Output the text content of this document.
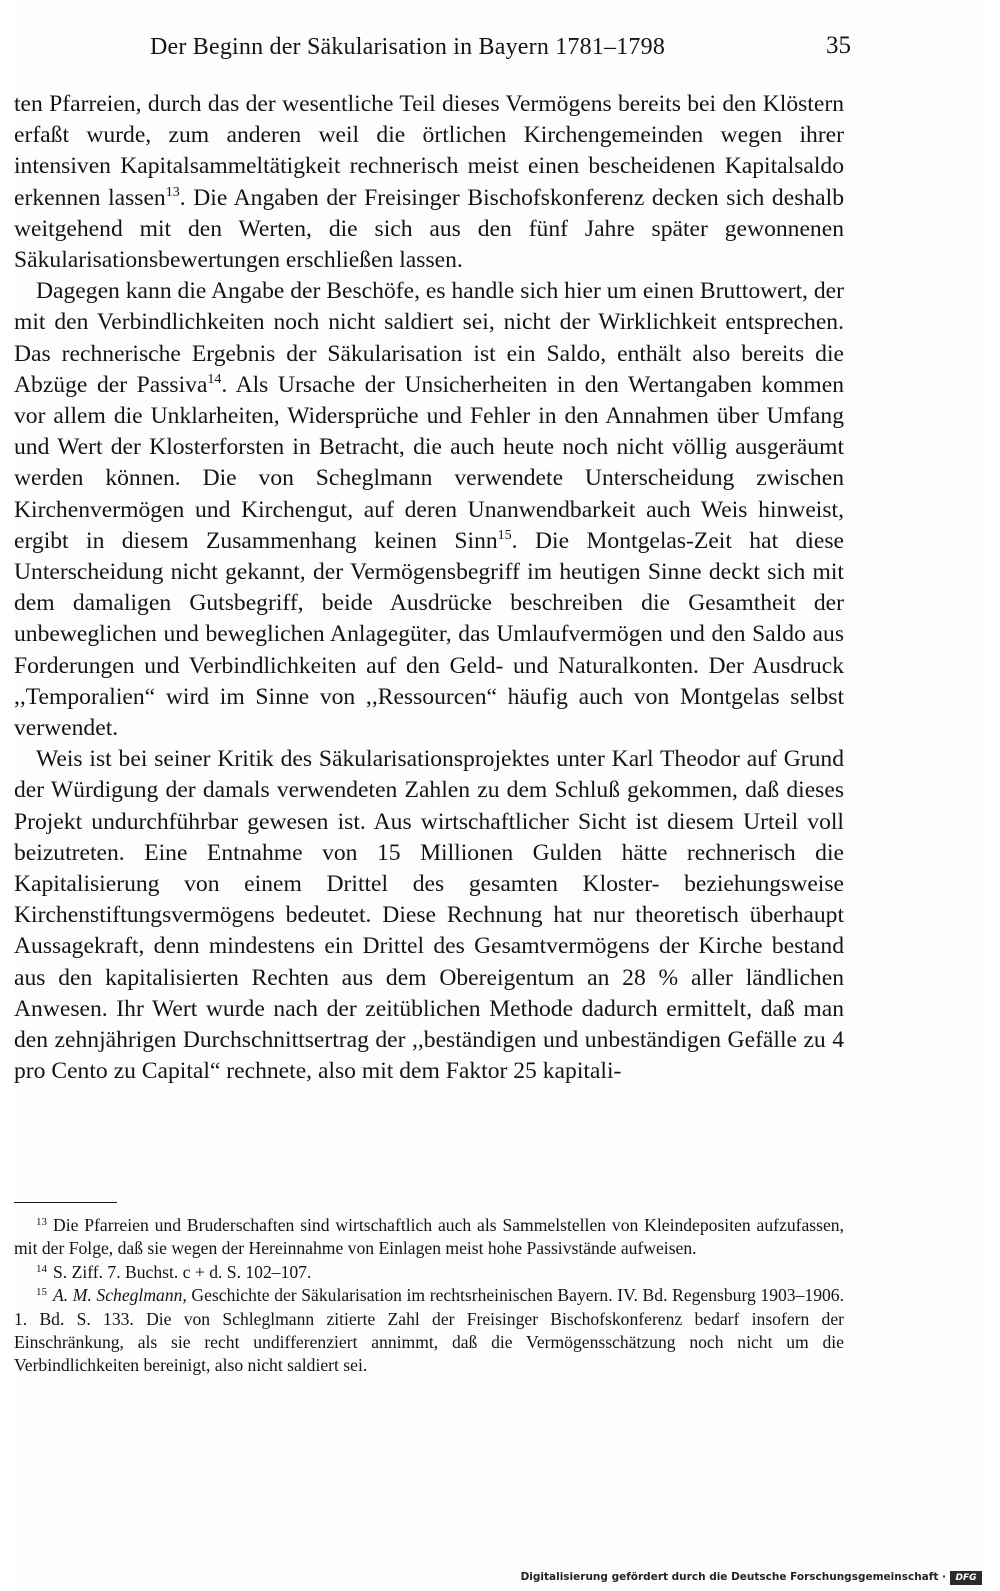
Der Beginn der Säkularisation in Bayern 1781–1798	35

ten Pfarreien, durch das der wesentliche Teil dieses Vermögens bereits bei den Klöstern erfaßt wurde, zum anderen weil die örtlichen Kirchengemeinden wegen ihrer intensiven Kapitalsammeltätigkeit rechnerisch meist einen bescheidenen Kapitalsaldo erkennen lassen$^{13}$. Die Angaben der Freisinger Bischofskonferenz decken sich deshalb weitgehend mit den Werten, die sich aus den fünf Jahre später gewonnenen Säkularisationsbewertungen erschließen lassen.

Dagegen kann die Angabe der Beschöfe, es handle sich hier um einen Bruttowert, der mit den Verbindlichkeiten noch nicht saldiert sei, nicht der Wirklichkeit entsprechen. Das rechnerische Ergebnis der Säkularisation ist ein Saldo, enthält also bereits die Abzüge der Passiva$^{14}$. Als Ursache der Unsicherheiten in den Wertangaben kommen vor allem die Unklarheiten, Widersprüche und Fehler in den Annahmen über Umfang und Wert der Klosterforsten in Betracht, die auch heute noch nicht völlig ausgeräumt werden können. Die von Scheglmann verwendete Unterscheidung zwischen Kirchenvermögen und Kirchengut, auf deren Unanwendbarkeit auch Weis hinweist, ergibt in diesem Zusammenhang keinen Sinn$^{15}$. Die Montgelas-Zeit hat diese Unterscheidung nicht gekannt, der Vermögensbegriff im heutigen Sinne deckt sich mit dem damaligen Gutsbegriff, beide Ausdrücke beschreiben die Gesamtheit der unbeweglichen und beweglichen Anlagegüter, das Umlaufvermögen und den Saldo aus Forderungen und Verbindlichkeiten auf den Geld- und Naturalkonten. Der Ausdruck ,,Temporalien“ wird im Sinne von ,,Ressourcen“ häufig auch von Montgelas selbst verwendet.

Weis ist bei seiner Kritik des Säkularisationsprojektes unter Karl Theodor auf Grund der Würdigung der damals verwendeten Zahlen zu dem Schluß gekommen, daß dieses Projekt undurchführbar gewesen ist. Aus wirtschaftlicher Sicht ist diesem Urteil voll beizutreten. Eine Entnahme von 15 Millionen Gulden hätte rechnerisch die Kapitalisierung von einem Drittel des gesamten Kloster- beziehungsweise Kirchenstiftungsvermögens bedeutet. Diese Rechnung hat nur theoretisch überhaupt Aussagekraft, denn mindestens ein Drittel des Gesamtvermögens der Kirche bestand aus den kapitalisierten Rechten aus dem Obereigentum an 28 % aller ländlichen Anwesen. Ihr Wert wurde nach der zeitüblichen Methode dadurch ermittelt, daß man den zehnjährigen Durchschnittsertrag der ,,beständigen und unbeständigen Gefälle zu 4 pro Cento zu Capital“ rechnete, also mit dem Faktor 25 kapitali-

$^{13}$ Die Pfarreien und Bruderschaften sind wirtschaftlich auch als Sammelstellen von Kleindepositen aufzufassen, mit der Folge, daß sie wegen der Hereinnahme von Einlagen meist hohe Passivstände aufweisen.

$^{14}$ S. Ziff. 7. Buchst. c + d. S. 102–107.

$^{15}$ A. M. Scheglmann, Geschichte der Säkularisation im rechtsrheinischen Bayern. IV. Bd. Regensburg 1903–1906. 1. Bd. S. 133. Die von Schleglmann zitierte Zahl der Freisinger Bischofskonferenz bedarf insofern der Einschränkung, als sie recht undifferenziert annimmt, daß die Vermögensschätzung noch nicht um die Verbindlichkeiten bereinigt, also nicht saldiert sei.

Digitalisierung gefördert durch die Deutsche Forschungsgemeinschaft ·	DFG
